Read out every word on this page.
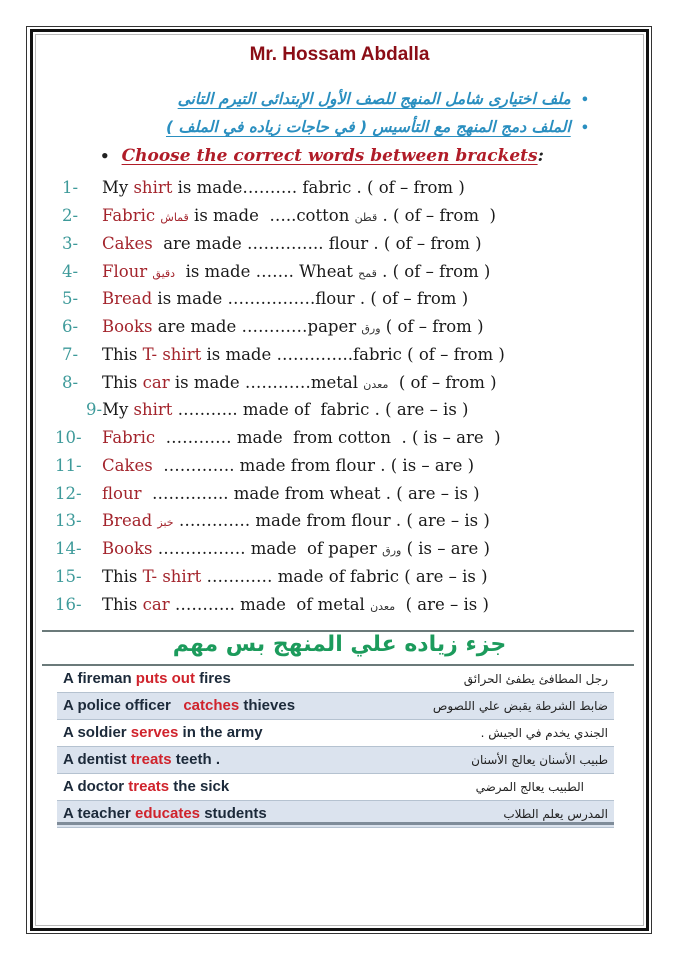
Mr. Hossam Abdalla
•ملف اختيارى شامل المنهج للصف الأول الإبتدائى التيرم التانى
•الملف دمج المنهج مع التأسيس ( في حاجات زياده في الملف )
• Choose the correct words between brackets:
1- My shirt is made………. fabric . ( of – from )
2- Fabric قماش is made  …..cotton قطن . ( of – from  )
3- Cakes  are made ………….. flour . ( of – from )
4- Flour دقيق  is made ……. Wheat قمح . ( of – from )
5- Bread is made …………….flour . ( of – from )
6- Books are made …………paper ورق ( of – from )
7- This T- shirt is made …………..fabric ( of – from )
8- This car is made …………metal معدن  ( of – from )
9-My shirt ……….. made of  fabric . ( are – is )
10- Fabric  ………… made  from cotton  . ( is – are  )
11- Cakes  …………. made from flour . ( is – are )
12- flour  ………….. made from wheat . ( are – is )
13- Bread خبز …………. made from flour . ( are – is )
14- Books ……………. made  of paper ورق ( is – are )
15- This T- shirt ………… made of fabric ( are – is )
16- This car ……….. made  of metal معدن  ( are – is )
جزء زياده علي المنهج بس مهم
A fireman puts out fires	رجل المطافئ يطفئ الحرائق
A police officer   catches thieves	ضابط الشرطة يقبض علي اللصوص
A soldier serves in the army	الجندي يخدم في الجيش .
A dentist treats teeth .	طبيب الأسنان يعالج الأسنان
A doctor treats the sick	الطبيب يعالج المرضي
A teacher educates students	المدرس يعلم الطلاب
